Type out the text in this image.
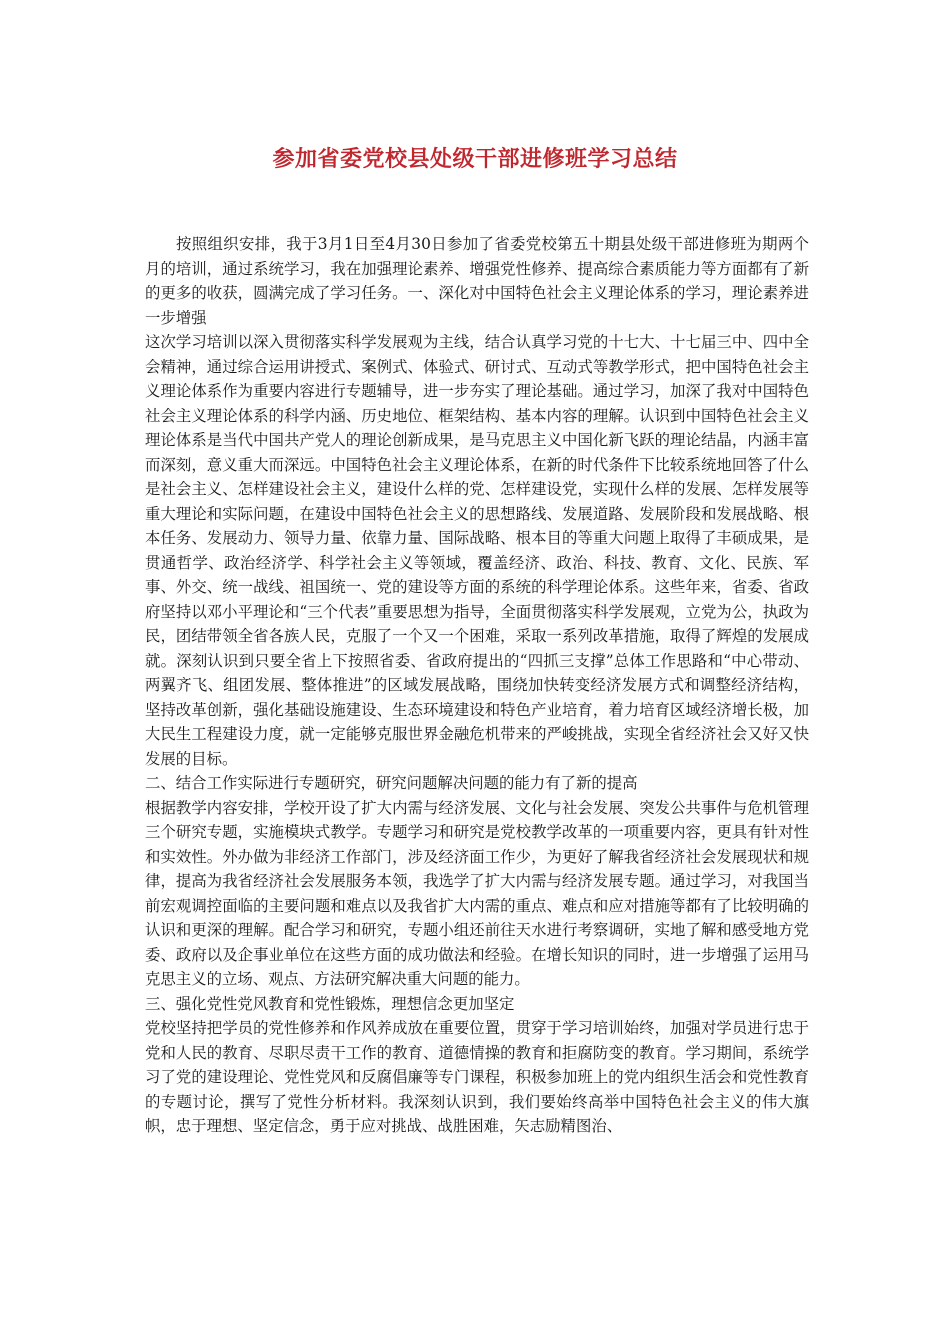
参加省委党校县处级干部进修班学习总结

按照组织安排，我于3月1日至4月30日参加了省委党校第五十期县处级干部进修班为期两个月的培训，通过系统学习，我在加强理论素养、增强党性修养、提高综合素质能力等方面都有了新的更多的收获，圆满完成了学习任务。一、深化对中国特色社会主义理论体系的学习，理论素养进一步增强

这次学习培训以深入贯彻落实科学发展观为主线，结合认真学习党的十七大、十七届三中、四中全会精神，通过综合运用讲授式、案例式、体验式、研讨式、互动式等教学形式，把中国特色社会主义理论体系作为重要内容进行专题辅导，进一步夯实了理论基础。通过学习，加深了我对中国特色社会主义理论体系的科学内涵、历史地位、框架结构、基本内容的理解。认识到中国特色社会主义理论体系是当代中国共产党人的理论创新成果，是马克思主义中国化新飞跃的理论结晶，内涵丰富而深刻，意义重大而深远。中国特色社会主义理论体系，在新的时代条件下比较系统地回答了什么是社会主义、怎样建设社会主义，建设什么样的党、怎样建设党，实现什么样的发展、怎样发展等重大理论和实际问题，在建设中国特色社会主义的思想路线、发展道路、发展阶段和发展战略、根本任务、发展动力、领导力量、依靠力量、国际战略、根本目的等重大问题上取得了丰硕成果，是贯通哲学、政治经济学、科学社会主义等领域，覆盖经济、政治、科技、教育、文化、民族、军事、外交、统一战线、祖国统一、党的建设等方面的系统的科学理论体系。这些年来，省委、省政府坚持以邓小平理论和“三个代表”重要思想为指导，全面贯彻落实科学发展观，立党为公，执政为民，团结带领全省各族人民，克服了一个又一个困难，采取一系列改革措施，取得了辉煌的发展成就。深刻认识到只要全省上下按照省委、省政府提出的“四抓三支撑”总体工作思路和“中心带动、两翼齐飞、组团发展、整体推进”的区域发展战略，围绕加快转变经济发展方式和调整经济结构，坚持改革创新，强化基础设施建设、生态环境建设和特色产业培育，着力培育区域经济增长极，加大民生工程建设力度，就一定能够克服世界金融危机带来的严峻挑战，实现全省经济社会又好又快发展的目标。

二、结合工作实际进行专题研究，研究问题解决问题的能力有了新的提高

根据教学内容安排，学校开设了扩大内需与经济发展、文化与社会发展、突发公共事件与危机管理三个研究专题，实施模块式教学。专题学习和研究是党校教学改革的一项重要内容，更具有针对性和实效性。外办做为非经济工作部门，涉及经济面工作少，为更好了解我省经济社会发展现状和规律，提高为我省经济社会发展服务本领，我选学了扩大内需与经济发展专题。通过学习，对我国当前宏观调控面临的主要问题和难点以及我省扩大内需的重点、难点和应对措施等都有了比较明确的认识和更深的理解。配合学习和研究，专题小组还前往天水进行考察调研，实地了解和感受地方党委、政府以及企事业单位在这些方面的成功做法和经验。在增长知识的同时，进一步增强了运用马克思主义的立场、观点、方法研究解决重大问题的能力。

三、强化党性党风教育和党性锻炼，理想信念更加坚定

党校坚持把学员的党性修养和作风养成放在重要位置，贯穿于学习培训始终，加强对学员进行忠于党和人民的教育、尽职尽责干工作的教育、道德情操的教育和拒腐防变的教育。学习期间，系统学习了党的建设理论、党性党风和反腐倡廉等专门课程，积极参加班上的党内组织生活会和党性教育的专题讨论，撰写了党性分析材料。我深刻认识到，我们要始终高举中国特色社会主义的伟大旗帜，忠于理想、坚定信念，勇于应对挑战、战胜困难，矢志励精图治、
